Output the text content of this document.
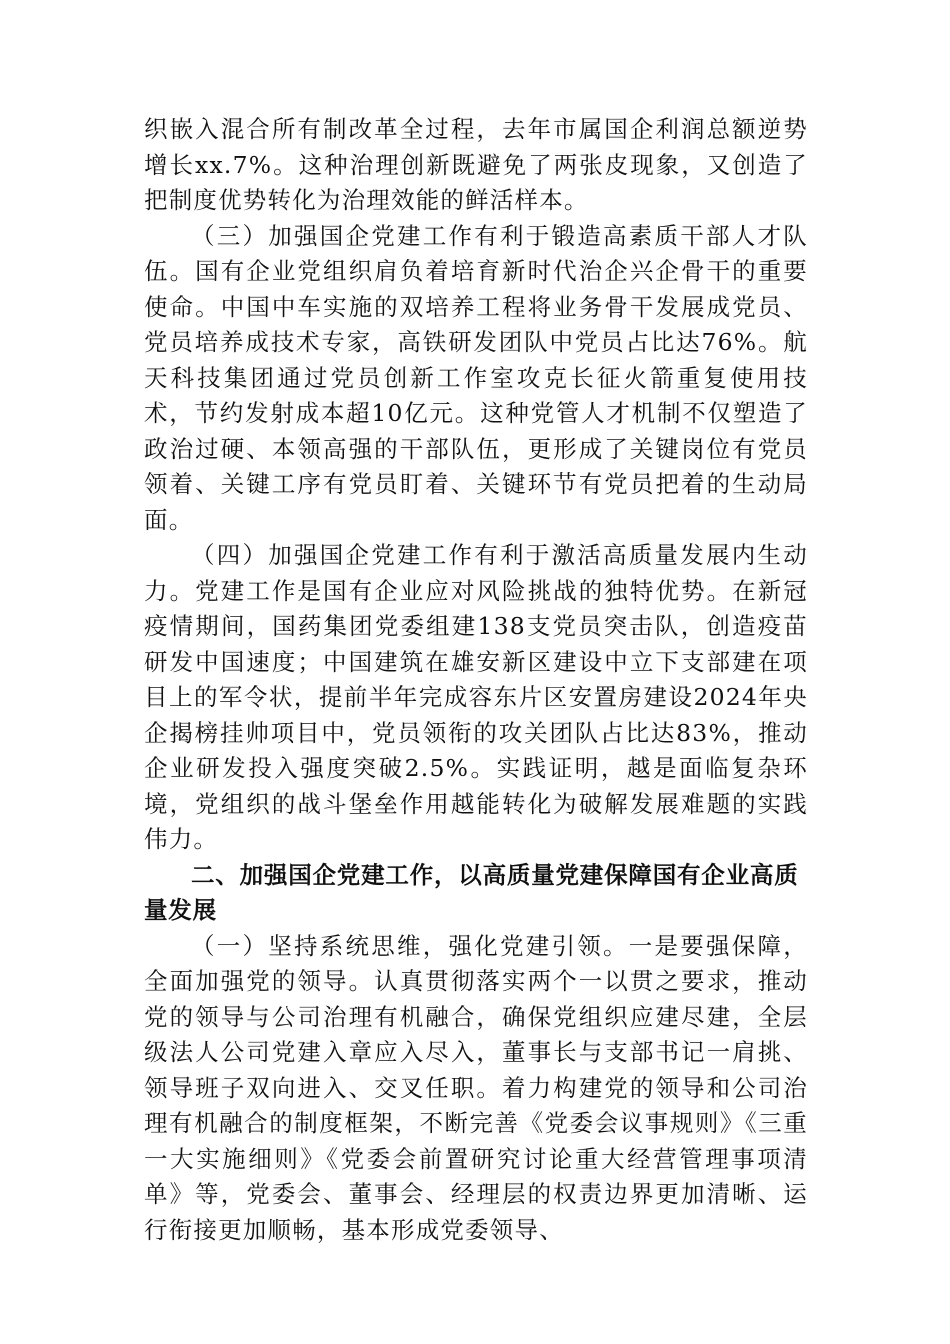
织嵌入混合所有制改革全过程，去年市属国企利润总额逆势增长xx.7%。这种治理创新既避免了两张皮现象，又创造了把制度优势转化为治理效能的鲜活样本。

（三）加强国企党建工作有利于锻造高素质干部人才队伍。国有企业党组织肩负着培育新时代治企兴企骨干的重要使命。中国中车实施的双培养工程将业务骨干发展成党员、党员培养成技术专家，高铁研发团队中党员占比达76%。航天科技集团通过党员创新工作室攻克长征火箭重复使用技术，节约发射成本超10亿元。这种党管人才机制不仅塑造了政治过硬、本领高强的干部队伍，更形成了关键岗位有党员领着、关键工序有党员盯着、关键环节有党员把着的生动局面。

（四）加强国企党建工作有利于激活高质量发展内生动力。党建工作是国有企业应对风险挑战的独特优势。在新冠疫情期间，国药集团党委组建138支党员突击队，创造疫苗研发中国速度；中国建筑在雄安新区建设中立下支部建在项目上的军令状，提前半年完成容东片区安置房建设2024年央企揭榜挂帅项目中，党员领衔的攻关团队占比达83%，推动企业研发投入强度突破2.5%。实践证明，越是面临复杂环境，党组织的战斗堡垒作用越能转化为破解发展难题的实践伟力。

二、加强国企党建工作，以高质量党建保障国有企业高质量发展

（一）坚持系统思维，强化党建引领。一是要强保障，全面加强党的领导。认真贯彻落实两个一以贯之要求，推动党的领导与公司治理有机融合，确保党组织应建尽建，全层级法人公司党建入章应入尽入，董事长与支部书记一肩挑、领导班子双向进入、交叉任职。着力构建党的领导和公司治理有机融合的制度框架，不断完善《党委会议事规则》《三重一大实施细则》《党委会前置研究讨论重大经营管理事项清单》等，党委会、董事会、经理层的权责边界更加清晰、运行衔接更加顺畅，基本形成党委领导、
